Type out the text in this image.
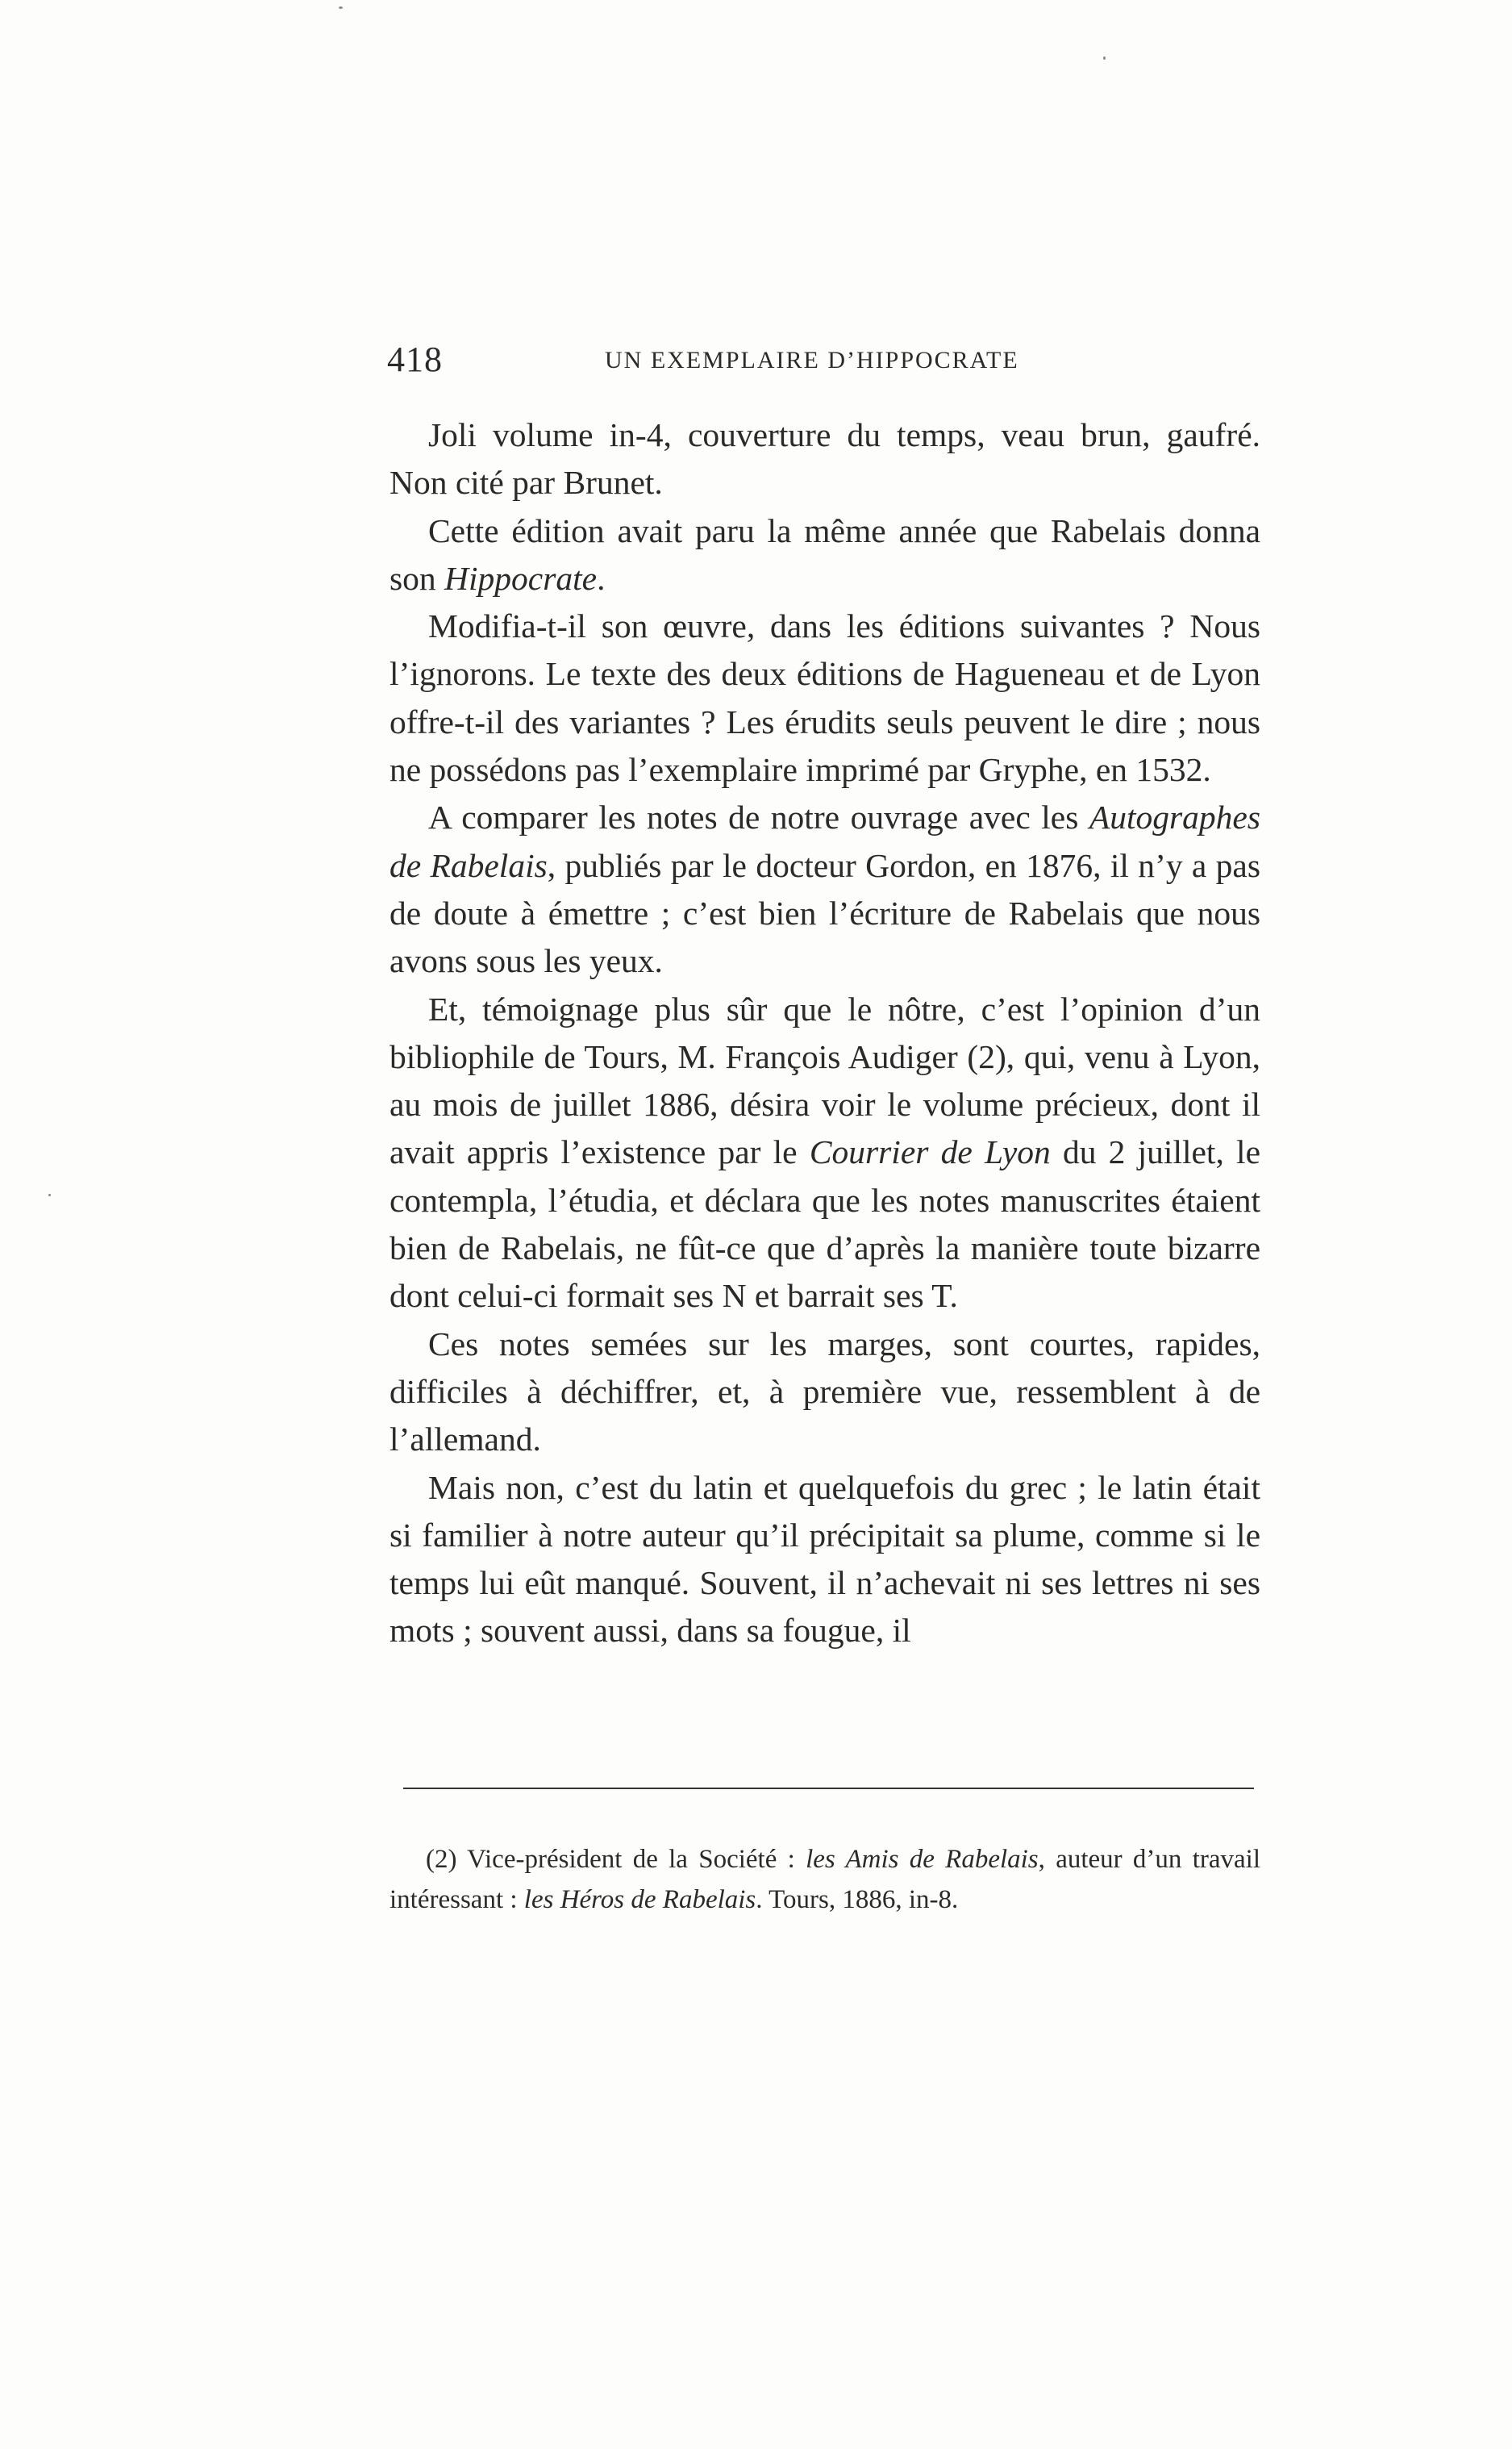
418	UN EXEMPLAIRE D’HIPPOCRATE

Joli volume in-4, couverture du temps, veau brun, gaufré. Non cité par Brunet.

Cette édition avait paru la même année que Rabelais donna son Hippocrate.

Modifia-t-il son œuvre, dans les éditions suivantes ? Nous l’ignorons. Le texte des deux éditions de Hagueneau et de Lyon offre-t-il des variantes ? Les érudits seuls peuvent le dire ; nous ne possédons pas l’exemplaire imprimé par Gryphe, en 1532.

A comparer les notes de notre ouvrage avec les Autographes de Rabelais, publiés par le docteur Gordon, en 1876, il n’y a pas de doute à émettre ; c’est bien l’écriture de Rabelais que nous avons sous les yeux.

Et, témoignage plus sûr que le nôtre, c’est l’opinion d’un bibliophile de Tours, M. François Audiger (2), qui, venu à Lyon, au mois de juillet 1886, désira voir le volume précieux, dont il avait appris l’existence par le Courrier de Lyon du 2 juillet, le contempla, l’étudia, et déclara que les notes manuscrites étaient bien de Rabelais, ne fût-ce que d’après la manière toute bizarre dont celui-ci formait ses N et barrait ses T.

Ces notes semées sur les marges, sont courtes, rapides, difficiles à déchiffrer, et, à première vue, ressemblent à de l’allemand.

Mais non, c’est du latin et quelquefois du grec ; le latin était si familier à notre auteur qu’il précipitait sa plume, comme si le temps lui eût manqué. Souvent, il n’achevait ni ses lettres ni ses mots ; souvent aussi, dans sa fougue, il

(2) Vice-président de la Société : les Amis de Rabelais, auteur d’un travail intéressant : les Héros de Rabelais. Tours, 1886, in-8.
